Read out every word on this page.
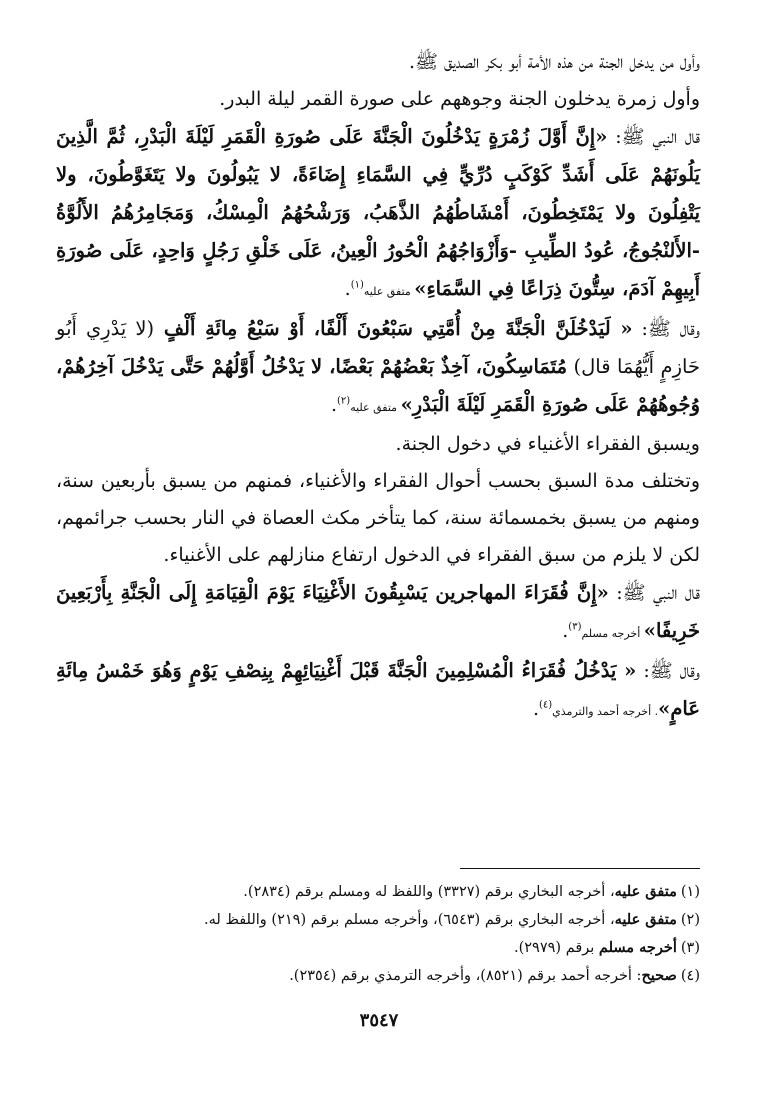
وأول من يدخل الجنة من هذه الأمة أبو بكر الصديق ﷺ.

وأول زمرة يدخلون الجنة وجوههم على صورة القمر ليلة البدر.

قال النبي ﷺ: «إِنَّ أَوَّلَ زُمْرَةٍ يَدْخُلُونَ الْجَنَّةَ عَلَى صُورَةِ الْقَمَرِ لَيْلَةَ الْبَدْرِ، ثُمَّ الَّذِينَ يَلُونَهُمْ عَلَى أَشَدِّ كَوْكَبٍ دُرِّيٍّ فِي السَّمَاءِ إِضَاءَةً، لا يَبُولُونَ ولا يَتَغَوَّطُونَ، ولا يَتْفِلُونَ ولا يَمْتَخِطُونَ، أَمْشَاطُهُمُ الذَّهَبُ، وَرَشْحُهُمُ الْمِسْكُ، وَمَجَامِرُهُمُ الأَلُوَّةُ -الأَلنْجُوجُ، عُودُ الطِّيبِ -وَأَزْوَاجُهُمُ الْحُورُ الْعِينُ، عَلَى خَلْقِ رَجُلٍ وَاحِدٍ، عَلَى صُورَةِ أَبِيهِمْ آدَمَ، سِتُّونَ ذِرَاعًا فِي السَّمَاءِ» متفق عليه$^{(١)}$.

وقال ﷺ: « لَيَدْخُلَنَّ الْجَنَّةَ مِنْ أُمَّتِي سَبْعُونَ أَلْفًا، أَوْ سَبْعُ مِائَةِ أَلْفٍ (لا يَدْرِي أَبُو حَازِمٍ أَيُّهُمَا قال) مُتَمَاسِكُونَ، آخِذٌ بَعْضُهُمْ بَعْضًا، لا يَدْخُلُ أَوَّلُهُمْ حَتَّى يَدْخُلَ آخِرُهُمْ، وُجُوهُهُمْ عَلَى صُورَةِ الْقَمَرِ لَيْلَةَ الْبَدْرِ» متفق عليه$^{(٢)}$.

ويسبق الفقراء الأغنياء في دخول الجنة.

وتختلف مدة السبق بحسب أحوال الفقراء والأغنياء، فمنهم من يسبق بأربعين سنة، ومنهم من يسبق بخمسمائة سنة، كما يتأخر مكث العصاة في النار بحسب جرائمهم، لكن لا يلزم من سبق الفقراء في الدخول ارتفاع منازلهم على الأغنياء.

قال النبي ﷺ: «إِنَّ فُقَرَاءَ المهاجرين يَسْبِقُونَ الأَغْنِيَاءَ يَوْمَ الْقِيَامَةِ إِلَى الْجَنَّةِ بِأَرْبَعِينَ خَرِيفًا» أخرجه مسلم$^{(٣)}$.

وقال ﷺ: « يَدْخُلُ فُقَرَاءُ الْمُسْلِمِينَ الْجَنَّةَ قَبْلَ أَغْنِيَائِهِمْ بِنِصْفِ يَوْمٍ وَهُوَ خَمْسُ مِائَةِ عَامٍ». أخرجه أحمد والترمذي$^{(٤)}$.

(١)متفق عليه، أخرجه البخاري برقم (٣٣٢٧) واللفظ له ومسلم برقم (٢٨٣٤).

(٢)متفق عليه، أخرجه البخاري برقم (٦٥٤٣)، وأخرجه مسلم برقم (٢١٩) واللفظ له.

(٣)أخرجه مسلم برقم (٢٩٧٩).

(٤)صحيح: أخرجه أحمد برقم (٨٥٢١)، وأخرجه الترمذي برقم (٢٣٥٤).

٣٥٤٧
